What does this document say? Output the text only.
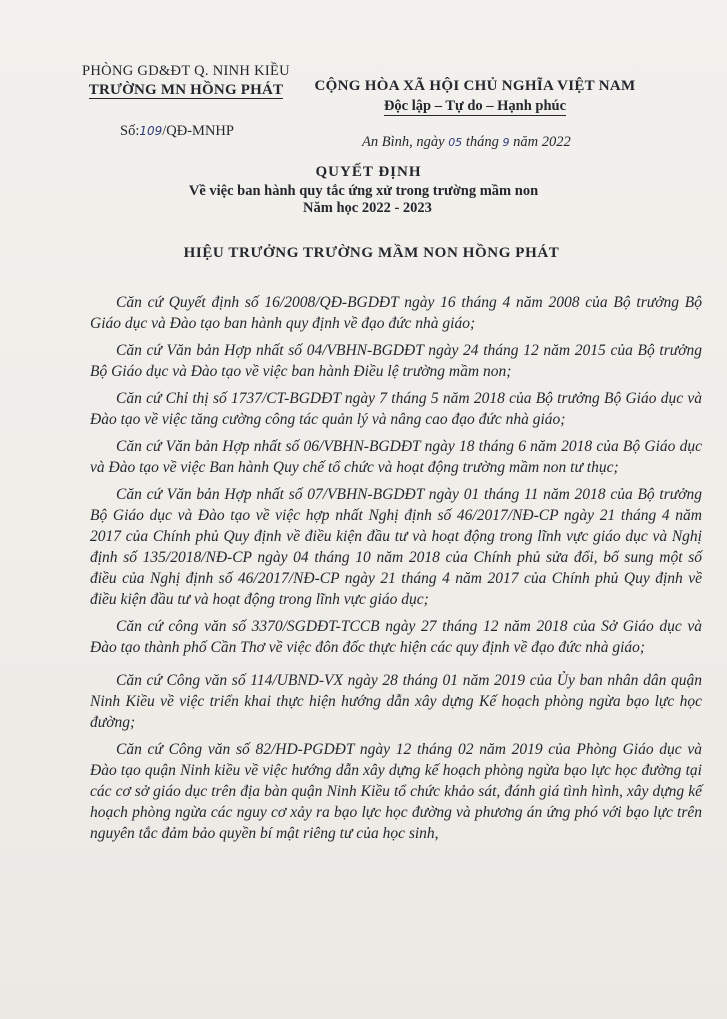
PHÒNG GD&ĐT Q. NINH KIỀU
TRƯỜNG MN HỒNG PHÁT	CỘNG HÒA XÃ HỘI CHỦ NGHĨA VIỆT NAM
Độc lập – Tự do – Hạnh phúc
Số:109/QĐ-MNHP
An Bình, ngày 05 tháng 9 năm 2022
QUYẾT ĐỊNH
Về việc ban hành quy tắc ứng xử trong trường mầm non
Năm học 2022 - 2023
HIỆU TRƯỞNG TRƯỜNG MẦM NON HỒNG PHÁT

Căn cứ Quyết định số 16/2008/QĐ-BGDĐT ngày 16 tháng 4 năm 2008 của Bộ trưởng Bộ Giáo dục và Đào tạo ban hành quy định về đạo đức nhà giáo;

Căn cứ Văn bản Hợp nhất số 04/VBHN-BGDĐT ngày 24 tháng 12 năm 2015 của Bộ trưởng Bộ Giáo dục và Đào tạo về việc ban hành Điều lệ trường mầm non;

Căn cứ Chỉ thị số 1737/CT-BGDĐT ngày 7 tháng 5 năm 2018 của Bộ trưởng Bộ Giáo dục và Đào tạo về việc tăng cường công tác quản lý và nâng cao đạo đức nhà giáo;

Căn cứ Văn bản Hợp nhất số 06/VBHN-BGDĐT ngày 18 tháng 6 năm 2018 của Bộ Giáo dục và Đào tạo về việc Ban hành Quy chế tổ chức và hoạt động trường mầm non tư thục;

Căn cứ Văn bản Hợp nhất số 07/VBHN-BGDĐT ngày 01 tháng 11 năm 2018 của Bộ trưởng Bộ Giáo dục và Đào tạo về việc hợp nhất Nghị định số 46/2017/NĐ-CP ngày 21 tháng 4 năm 2017 của Chính phủ Quy định về điều kiện đầu tư và hoạt động trong lĩnh vực giáo dục và Nghị định số 135/2018/NĐ-CP ngày 04 tháng 10 năm 2018 của Chính phủ sửa đổi, bổ sung một số điều của Nghị định số 46/2017/NĐ-CP ngày 21 tháng 4 năm 2017 của Chính phủ Quy định về điều kiện đầu tư và hoạt động trong lĩnh vực giáo dục;

Căn cứ công văn số 3370/SGDĐT-TCCB ngày 27 tháng 12 năm 2018 của Sở Giáo dục và Đào tạo thành phố Cần Thơ về việc đôn đốc thực hiện các quy định về đạo đức nhà giáo;

Căn cứ Công văn số 114/UBND-VX ngày 28 tháng 01 năm 2019 của Ủy ban nhân dân quận Ninh Kiều về việc triển khai thực hiện hướng dẫn xây dựng Kế hoạch phòng ngừa bạo lực học đường;

Căn cứ Công văn số 82/HD-PGDĐT ngày 12 tháng 02 năm 2019 của Phòng Giáo dục và Đào tạo quận Ninh kiều về việc hướng dẫn xây dựng kế hoạch phòng ngừa bạo lực học đường tại các cơ sở giáo dục trên địa bàn quận Ninh Kiều tổ chức khảo sát, đánh giá tình hình, xây dựng kế hoạch phòng ngừa các nguy cơ xảy ra bạo lực học đường và phương án ứng phó với bạo lực trên nguyên tắc đảm bảo quyền bí mật riêng tư của học sinh,
